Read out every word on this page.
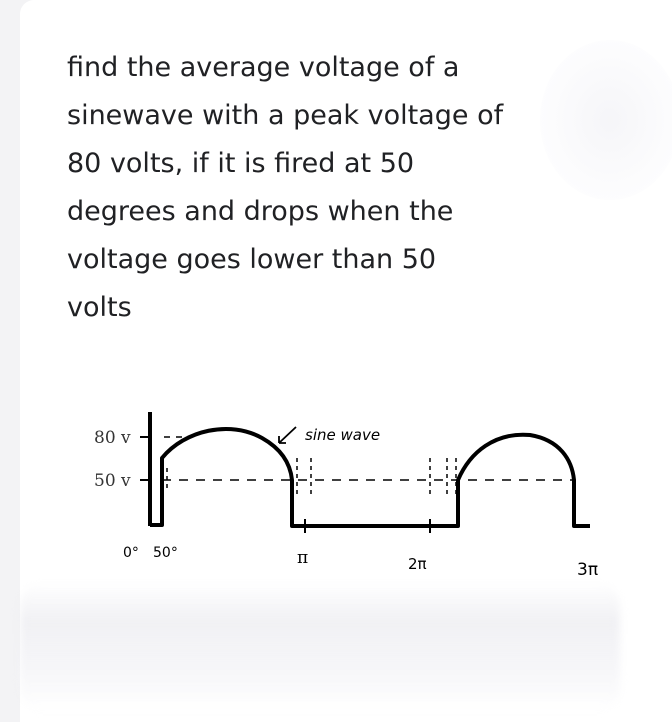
find the average voltage of a sinewave with a peak voltage of 80 volts, if it is fired at 50 degrees and drops when the voltage goes lower than 50 volts

80 v
50 v
sine wave
0° 50°	π	2π	3π
